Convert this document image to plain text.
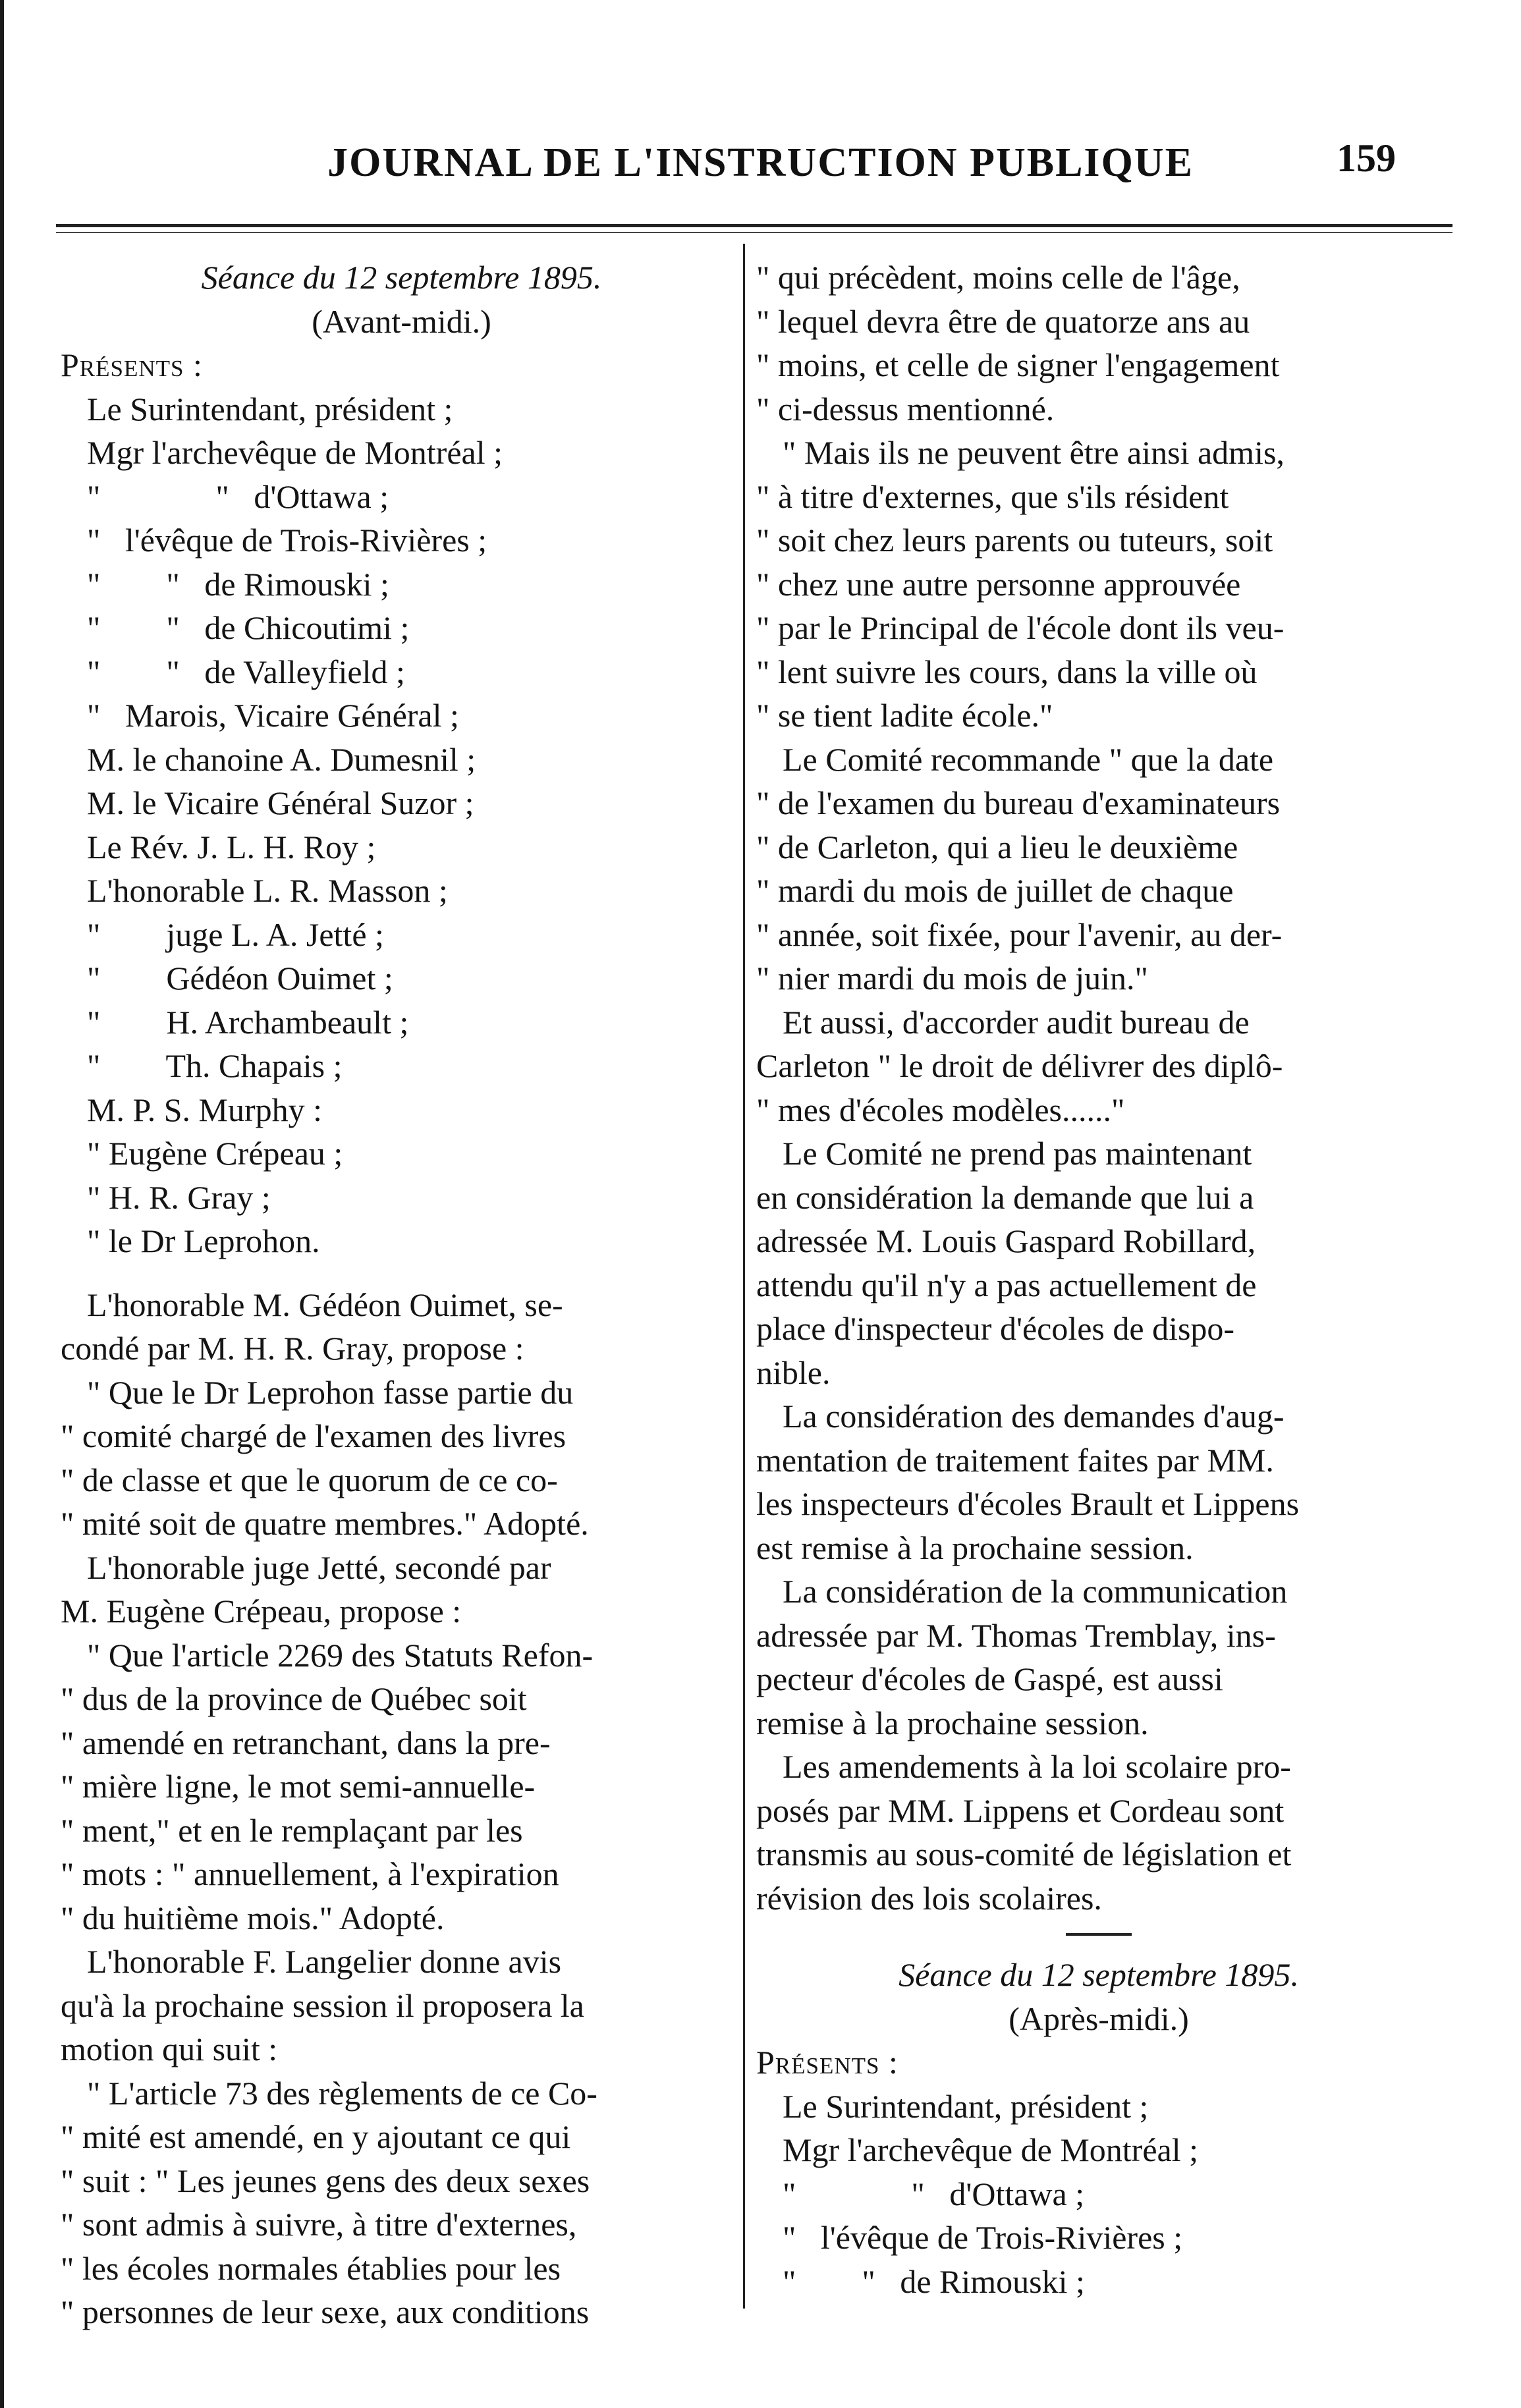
JOURNAL DE L'INSTRUCTION PUBLIQUE	159

Séance du 12 septembre 1895.

(Avant-midi.)

Présents :

Le Surintendant, président ;

Mgr l'archevêque de Montréal ;

"              "   d'Ottawa ;

"   l'évêque de Trois-Rivières ;

"        "   de Rimouski ;

"        "   de Chicoutimi ;

"        "   de Valleyfield ;

"   Marois, Vicaire Général ;

M. le chanoine A. Dumesnil ;

M. le Vicaire Général Suzor ;

Le Rév. J. L. H. Roy ;

L'honorable L. R. Masson ;

"        juge L. A. Jetté ;

"        Gédéon Ouimet ;

"        H. Archambeault ;

"        Th. Chapais ;

M. P. S. Murphy :

" Eugène Crépeau ;

" H. R. Gray ;

" le Dr Leprohon.

L'honorable M. Gédéon Ouimet, se-

condé par M. H. R. Gray, propose :

" Que le Dr Leprohon fasse partie du

" comité chargé de l'examen des livres

" de classe et que le quorum de ce co-

" mité soit de quatre membres." Adopté.

L'honorable juge Jetté, secondé par

M. Eugène Crépeau, propose :

" Que l'article 2269 des Statuts Refon-

" dus de la province de Québec soit

" amendé en retranchant, dans la pre-

" mière ligne, le mot semi-annuelle-

" ment," et en le remplaçant par les

" mots : " annuellement, à l'expiration

" du huitième mois." Adopté.

L'honorable F. Langelier donne avis

qu'à la prochaine session il proposera la

motion qui suit :

" L'article 73 des règlements de ce Co-

" mité est amendé, en y ajoutant ce qui

" suit : " Les jeunes gens des deux sexes

" sont admis à suivre, à titre d'externes,

" les écoles normales établies pour les

" personnes de leur sexe, aux conditions

" qui précèdent, moins celle de l'âge,

" lequel devra être de quatorze ans au

" moins, et celle de signer l'engagement

" ci-dessus mentionné.

" Mais ils ne peuvent être ainsi admis,

" à titre d'externes, que s'ils résident

" soit chez leurs parents ou tuteurs, soit

" chez une autre personne approuvée

" par le Principal de l'école dont ils veu-

" lent suivre les cours, dans la ville où

" se tient ladite école."

Le Comité recommande " que la date

" de l'examen du bureau d'examinateurs

" de Carleton, qui a lieu le deuxième

" mardi du mois de juillet de chaque

" année, soit fixée, pour l'avenir, au der-

" nier mardi du mois de juin."

Et aussi, d'accorder audit bureau de

Carleton " le droit de délivrer des diplô-

" mes d'écoles modèles......"

Le Comité ne prend pas maintenant

en considération la demande que lui a

adressée M. Louis Gaspard Robillard,

attendu qu'il n'y a pas actuellement de

place d'inspecteur d'écoles de dispo-

nible.

La considération des demandes d'aug-

mentation de traitement faites par MM.

les inspecteurs d'écoles Brault et Lippens

est remise à la prochaine session.

La considération de la communication

adressée par M. Thomas Tremblay, ins-

pecteur d'écoles de Gaspé, est aussi

remise à la prochaine session.

Les amendements à la loi scolaire pro-

posés par MM. Lippens et Cordeau sont

transmis au sous-comité de législation et

révision des lois scolaires.

Séance du 12 septembre 1895.

(Après-midi.)

Présents :

Le Surintendant, président ;

Mgr l'archevêque de Montréal ;

"              "   d'Ottawa ;

"   l'évêque de Trois-Rivières ;

"        "   de Rimouski ;
